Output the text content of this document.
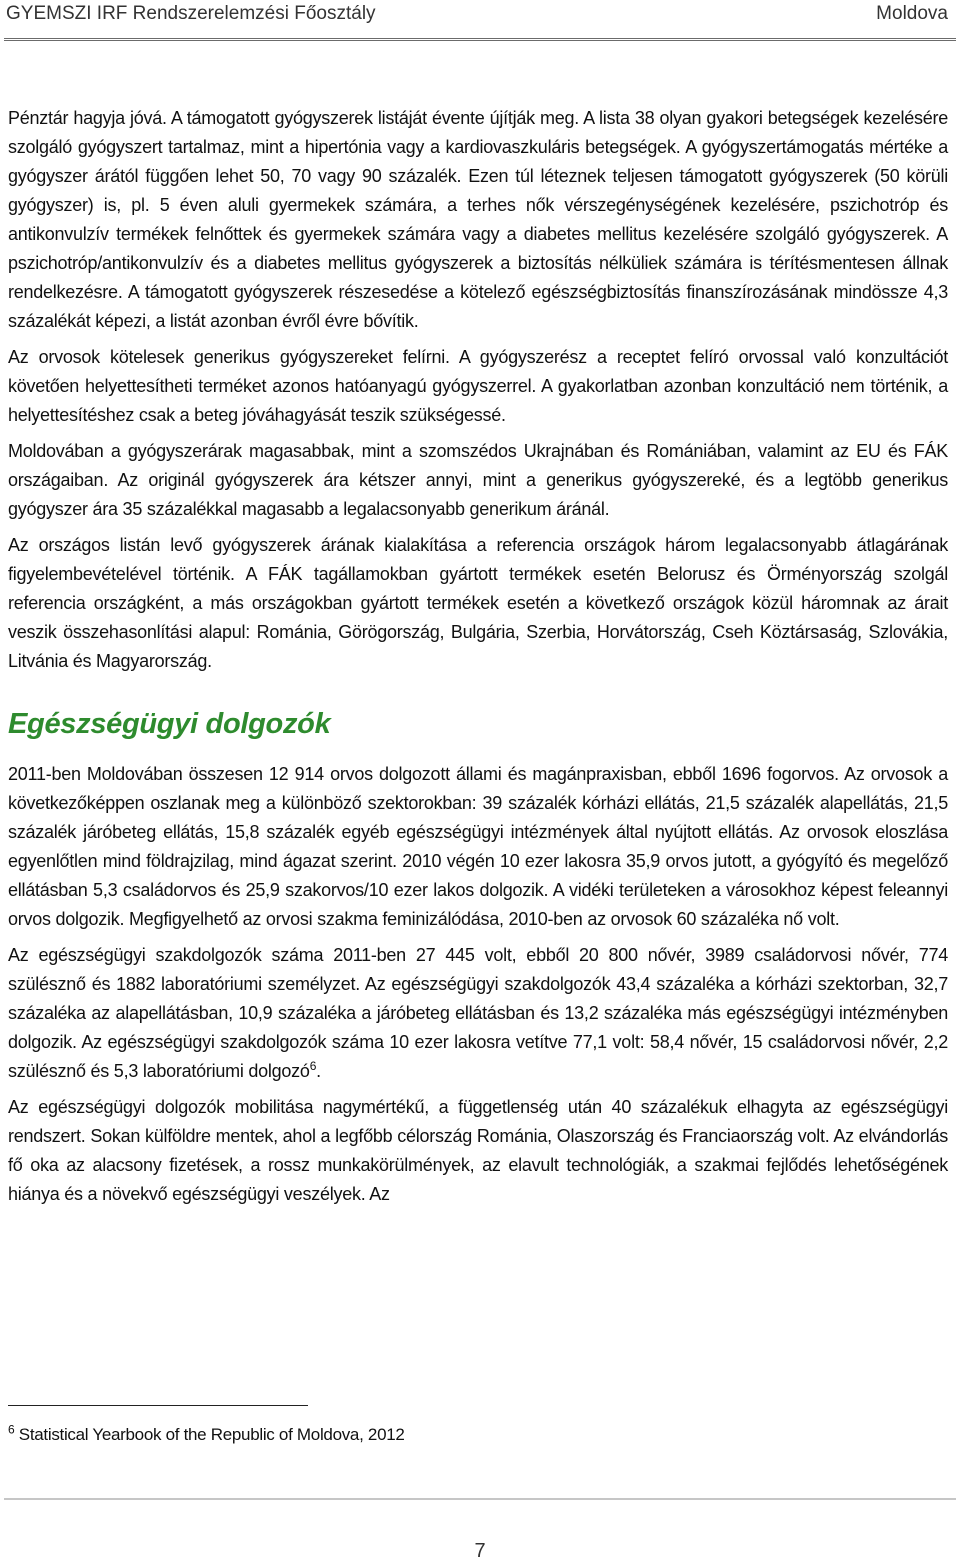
GYEMSZI IRF Rendszerelemzési Főosztály	Moldova

Pénztár hagyja jóvá. A támogatott gyógyszerek listáját évente újítják meg. A lista 38 olyan gyakori betegségek kezelésére szolgáló gyógyszert tartalmaz, mint a hipertónia vagy a kardiovaszkuláris betegségek. A gyógyszertámogatás mértéke a gyógyszer árától függően lehet 50, 70 vagy 90 százalék. Ezen túl léteznek teljesen támogatott gyógyszerek (50 körüli gyógyszer) is, pl. 5 éven aluli gyermekek számára, a terhes nők vérszegénységének kezelésére, pszichotróp és antikonvulzív termékek felnőttek és gyermekek számára vagy a diabetes mellitus kezelésére szolgáló gyógyszerek. A pszichotróp/antikonvulzív és a diabetes mellitus gyógyszerek a biztosítás nélküliek számára is térítésmentesen állnak rendelkezésre. A támogatott gyógyszerek részesedése a kötelező egészségbiztosítás finanszírozásának mindössze 4,3 százalékát képezi, a listát azonban évről évre bővítik.

Az orvosok kötelesek generikus gyógyszereket felírni. A gyógyszerész a receptet felíró orvossal való konzultációt követően helyettesítheti terméket azonos hatóanyagú gyógyszerrel. A gyakorlatban azonban konzultáció nem történik, a helyettesítéshez csak a beteg jóváhagyását teszik szükségessé.

Moldovában a gyógyszerárak magasabbak, mint a szomszédos Ukrajnában és Romániában, valamint az EU és FÁK országaiban. Az originál gyógyszerek ára kétszer annyi, mint a generikus gyógyszereké, és a legtöbb generikus gyógyszer ára 35 százalékkal magasabb a legalacsonyabb generikum áránál.

Az országos listán levő gyógyszerek árának kialakítása a referencia országok három legalacsonyabb átlagárának figyelembevételével történik. A FÁK tagállamokban gyártott termékek esetén Belorusz és Örményország szolgál referencia országként, a más országokban gyártott termékek esetén a következő országok közül háromnak az árait veszik összehasonlítási alapul: Románia, Görögország, Bulgária, Szerbia, Horvátország, Cseh Köztársaság, Szlovákia, Litvánia és Magyarország.

Egészségügyi dolgozók

2011-ben Moldovában összesen 12 914 orvos dolgozott állami és magánpraxisban, ebből 1696 fogorvos. Az orvosok a következőképpen oszlanak meg a különböző szektorokban: 39 százalék kórházi ellátás, 21,5 százalék alapellátás, 21,5 százalék járóbeteg ellátás, 15,8 százalék egyéb egészségügyi intézmények által nyújtott ellátás. Az orvosok eloszlása egyenlőtlen mind földrajzilag, mind ágazat szerint. 2010 végén 10 ezer lakosra 35,9 orvos jutott, a gyógyító és megelőző ellátásban 5,3 családorvos és 25,9 szakorvos/10 ezer lakos dolgozik. A vidéki területeken a városokhoz képest feleannyi orvos dolgozik. Megfigyelhető az orvosi szakma feminizálódása, 2010-ben az orvosok 60 százaléka nő volt.

Az egészségügyi szakdolgozók száma 2011-ben 27 445 volt, ebből 20 800 nővér, 3989 családorvosi nővér, 774 szülésznő és 1882 laboratóriumi személyzet. Az egészségügyi szakdolgozók 43,4 százaléka a kórházi szektorban, 32,7 százaléka az alapellátásban, 10,9 százaléka a járóbeteg ellátásban és 13,2 százaléka más egészségügyi intézményben dolgozik. Az egészségügyi szakdolgozók száma 10 ezer lakosra vetítve 77,1 volt: 58,4 nővér, 15 családorvosi nővér, 2,2 szülésznő és 5,3 laboratóriumi dolgozó$^6$.

Az egészségügyi dolgozók mobilitása nagymértékű, a függetlenség után 40 százalékuk elhagyta az egészségügyi rendszert. Sokan külföldre mentek, ahol a legfőbb célország Románia, Olaszország és Franciaország volt. Az elvándorlás fő oka az alacsony fizetések, a rossz munkakörülmények, az elavult technológiák, a szakmai fejlődés lehetőségének hiánya és a növekvő egészségügyi veszélyek. Az

$^6$ Statistical Yearbook of the Republic of Moldova, 2012
7
